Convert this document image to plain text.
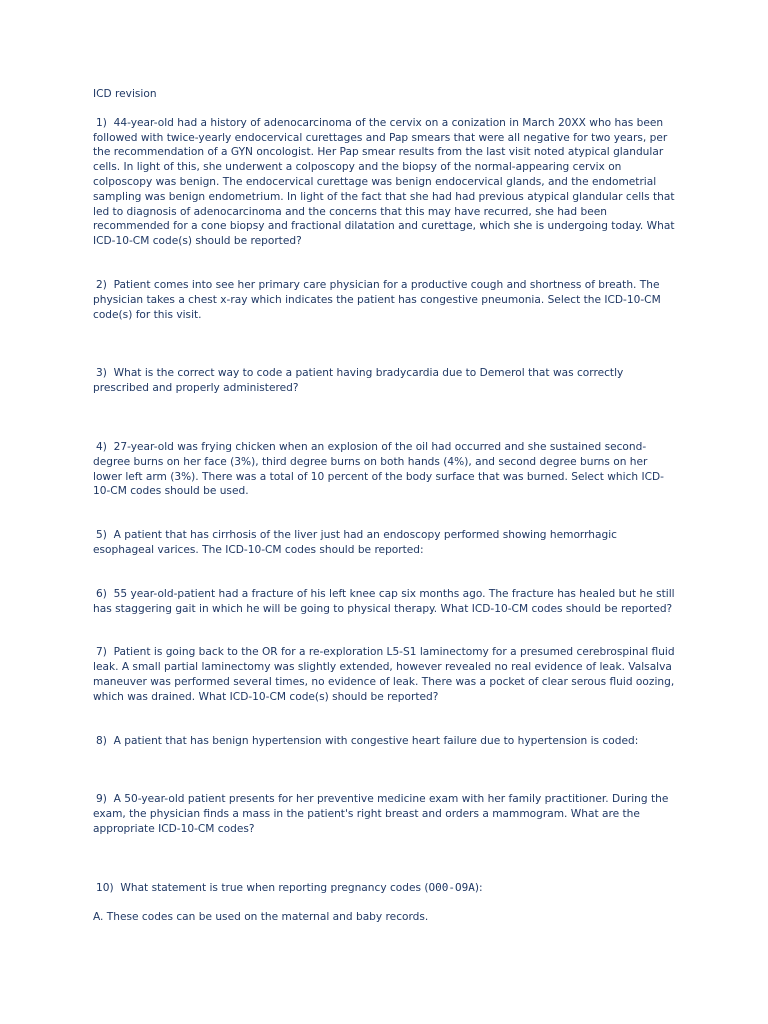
ICD revision

1) 44-year-old had a history of adenocarcinoma of the cervix on a conization in March 20XX who has been followed with twice-yearly endocervical curettages and Pap smears that were all negative for two years, per the recommendation of a GYN oncologist. Her Pap smear results from the last visit noted atypical glandular cells. In light of this, she underwent a colposcopy and the biopsy of the normal-appearing cervix on colposcopy was benign. The endocervical curettage was benign endocervical glands, and the endometrial sampling was benign endometrium. In light of the fact that she had had previous atypical glandular cells that led to diagnosis of adenocarcinoma and the concerns that this may have recurred, she had been recommended for a cone biopsy and fractional dilatation and curettage, which she is undergoing today. What ICD-10-CM code(s) should be reported?

2) Patient comes into see her primary care physician for a productive cough and shortness of breath. The physician takes a chest x-ray which indicates the patient has congestive pneumonia. Select the ICD-10-CM code(s) for this visit.

3) What is the correct way to code a patient having bradycardia due to Demerol that was correctly prescribed and properly administered?

4) 27-year-old was frying chicken when an explosion of the oil had occurred and she sustained second-degree burns on her face (3%), third degree burns on both hands (4%), and second degree burns on her lower left arm (3%). There was a total of 10 percent of the body surface that was burned. Select which ICD-10-CM codes should be used.

5) A patient that has cirrhosis of the liver just had an endoscopy performed showing hemorrhagic esophageal varices. The ICD-10-CM codes should be reported:

6) 55 year-old-patient had a fracture of his left knee cap six months ago. The fracture has healed but he still has staggering gait in which he will be going to physical therapy. What ICD-10-CM codes should be reported?

7) Patient is going back to the OR for a re-exploration L5-S1 laminectomy for a presumed cerebrospinal fluid leak. A small partial laminectomy was slightly extended, however revealed no real evidence of leak. Valsalva maneuver was performed several times, no evidence of leak. There was a pocket of clear serous fluid oozing, which was drained. What ICD-10-CM code(s) should be reported?

8) A patient that has benign hypertension with congestive heart failure due to hypertension is coded:

9) A 50-year-old patient presents for her preventive medicine exam with her family practitioner. During the exam, the physician finds a mass in the patient's right breast and orders a mammogram. What are the appropriate ICD-10-CM codes?

10) What statement is true when reporting pregnancy codes (O00-O9A):

A. These codes can be used on the maternal and baby records.
